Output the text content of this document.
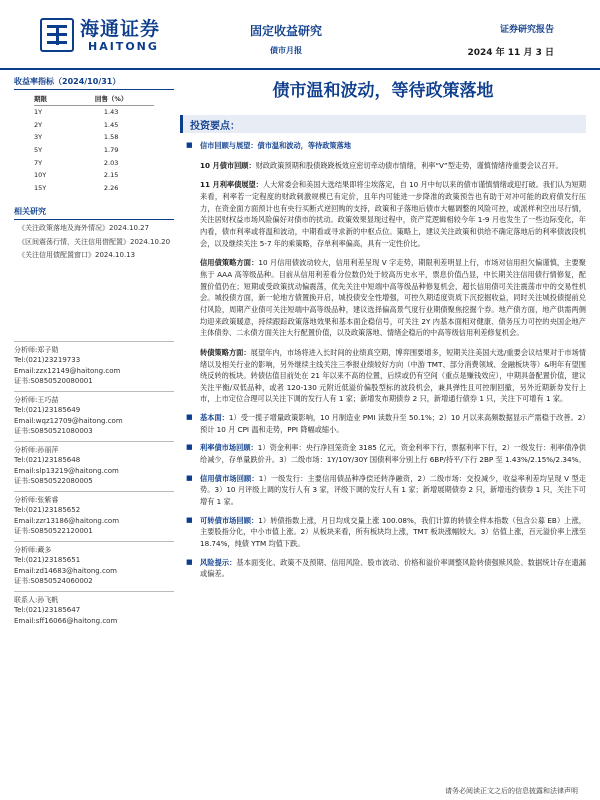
海通证券
HAITONG
固定收益研究
债市月报
证券研究报告
2024 年 11 月 3 日
收益率指标（2024/10/31）
期限	回售（%）
1Y	1.43
2Y	1.45
3Y	1.58
5Y	1.79
7Y	2.03
10Y	2.15
15Y	2.26
相关研究
《关注政策落地及海外情况》2024.10.27
《区间震荡行情，关注信用借配置》2024.10.20
《关注信用债配置窗口》2024.10.13
分析师:郑子勋
Tel:(021)23219733
Email:zzx12149@haitong.com
证书:S0850520080001
分析师:王巧喆
Tel:(021)23185649
Email:wqz12709@haitong.com
证书:S0850521080003
分析师:孙丽萍
Tel:(021)23185648
Email:slp13219@haitong.com
证书:S0850522080005
分析师:张紫睿
Tel:(021)23185652
Email:zzr13186@haitong.com
证书:S0850522120001
分析师:藏多
Tel:(021)23185651
Email:zd14683@haitong.com
证书:S0850524060002
联系人:孙飞帆
Tel:(021)23185647
Email:sff16066@haitong.com
债市温和波动，等待政策落地
投资要点：
■ 信市回顾与展望：债市温和波动，等待政策落地
10 月债市回顾：财政政策预期和股债跷跷板效应密切牵动债市情绪，利率“V”型走势，谨慎情绪待重要会议召开。
11 月利率债展望：人大常委会和美国大选结果即将尘埃落定，自 10 月中旬以来的债市谨慎情绪或迎打破。我们认为短期来看，利率若一定程度的财政刺激规模已有定价，且年内可能进一步降准的政策预告也有助于对冲可能的政府债发行压力，在资金面方面预计也有央行买断式逆回购的支持，政策和子落地后债市大幅调整的风险可控，或派样利空出尽行情，关注居财权益市场风险偏好对债市的扰动。政策效果显现过程中，资产荒逻辑相较今年 1-9 月也发生了一些边际变化，年内看，债市利率或将温和波动，中期看或寻求新的中枢点位。策略上，建议关注政策和供给不确定落地后的利率债波段机会，以及继续关注 5-7 年的乘策略，存单利率偏高，具有一定性价比。
信用债策略方面：10 月信用债波动较大，信用利差呈现 V 字走势，期限利差明显上行，市场对信用担欠偏谨慎，主要聚焦于 AAA 高等级品种。目前从信用利差看分位数仍处于较高历史水平，票息价值凸显，中长期关注信用债行情修复，配置价值仍在；短期或受政策扰动偏震荡，优先关注中短端中高等级品种修复机会，超长信用债可关注震荡市中的交易性机会。城投债方面，新一轮地方债置换开启，城投债安全性增强，可控久期适度资质下沉挖掘收益，同时关注城投债提前兑付风险，周期产业债可关注短端中高等级品种，建议选择偏高景气度行业期债聚焦挖掘个券。地产债方面，地产供需两侧均迎来政策暖意，持续跟踪政策落地效果和基本面企稳信号，可关注 2Y 内基本面相对健康、债务压力可控的央国企地产主体债券、二永债方面关注大行配置价值，以及政策落地、情绪企稳后的中高等级信用利差修复机会。
转债策略方面：展望年内，市场将进入长时间的业绩真空期，博弈围要增多，短期关注美国大选/重要会议结果对于市场情绪以及相关行业的影响，另外继续主线关注三季报业绩较好方向（中游 TMT、部分消费领域、金融板块等）&明年有望围绕反转的板块。转债估值目前处在 21 年以来不高的位置，后续或仍有空间（重点是赚钱效应），中期具备配置价值，建议关注平衡/双低品种，或者 120-130 元附近低溢价偏股型标的波段机会，兼具弹性且可控制回撤，另外近期新券发行上市，上市定位合理可以关注下调的发行人有 1 家；新增发布期债券 2 只，新增通行债券 1 只，关注下可增有 1 家。
■ 基本面：1）受一揽子增量政策影响，10 月制造业 PMI 读数升至 50.1%；2）10 月以来高频数据显示产需稳于改善。2）预计 10 月 CPI 温和走势，PPI 降幅或缩小。
■ 利率债市场回顾：1）资金利率：央行净回笼资金 3185 亿元，资金利率下行，票据利率下行，2）一级发行：利率债净供给减少，存单量跌价升。3）二级市场：1Y/10Y/30Y 国债利率分别上行 6BP/持平/下行 2BP 至 1.43%/2.15%/2.34%。
■ 信用债市场回顾：1）一级发行：主要信用债品种净偿还转净融资，2）二级市场：交投减少，收益率利差均呈现 V 型走势。3）10 月评级上调的发行人有 3 家，评级下调的发行人有 1 家；新增展期债券 2 只，新增违约债券 1 只，关注下可增有 1 家。
■ 可转债市场回顾：1）转债指数上涨，月日均成交量上涨 100.08%，我们计算的转债全样本指数（包含公募 EB）上涨，主要股指分化，中小市值上涨。2）从板块来看，所有板块均上涨，TMT 板块涨幅较大。3）估值上涨，百元溢价率上涨至 18.74%，纯债 YTM 均值下跌。
■ 风险提示：基本面变化、政策不及预期、信用风险、股市波动、价格和溢价率调整风险转债强赎风险、数据统计存在遗漏或偏差。
请务必阅读正文之后的信息披露和法律声明
